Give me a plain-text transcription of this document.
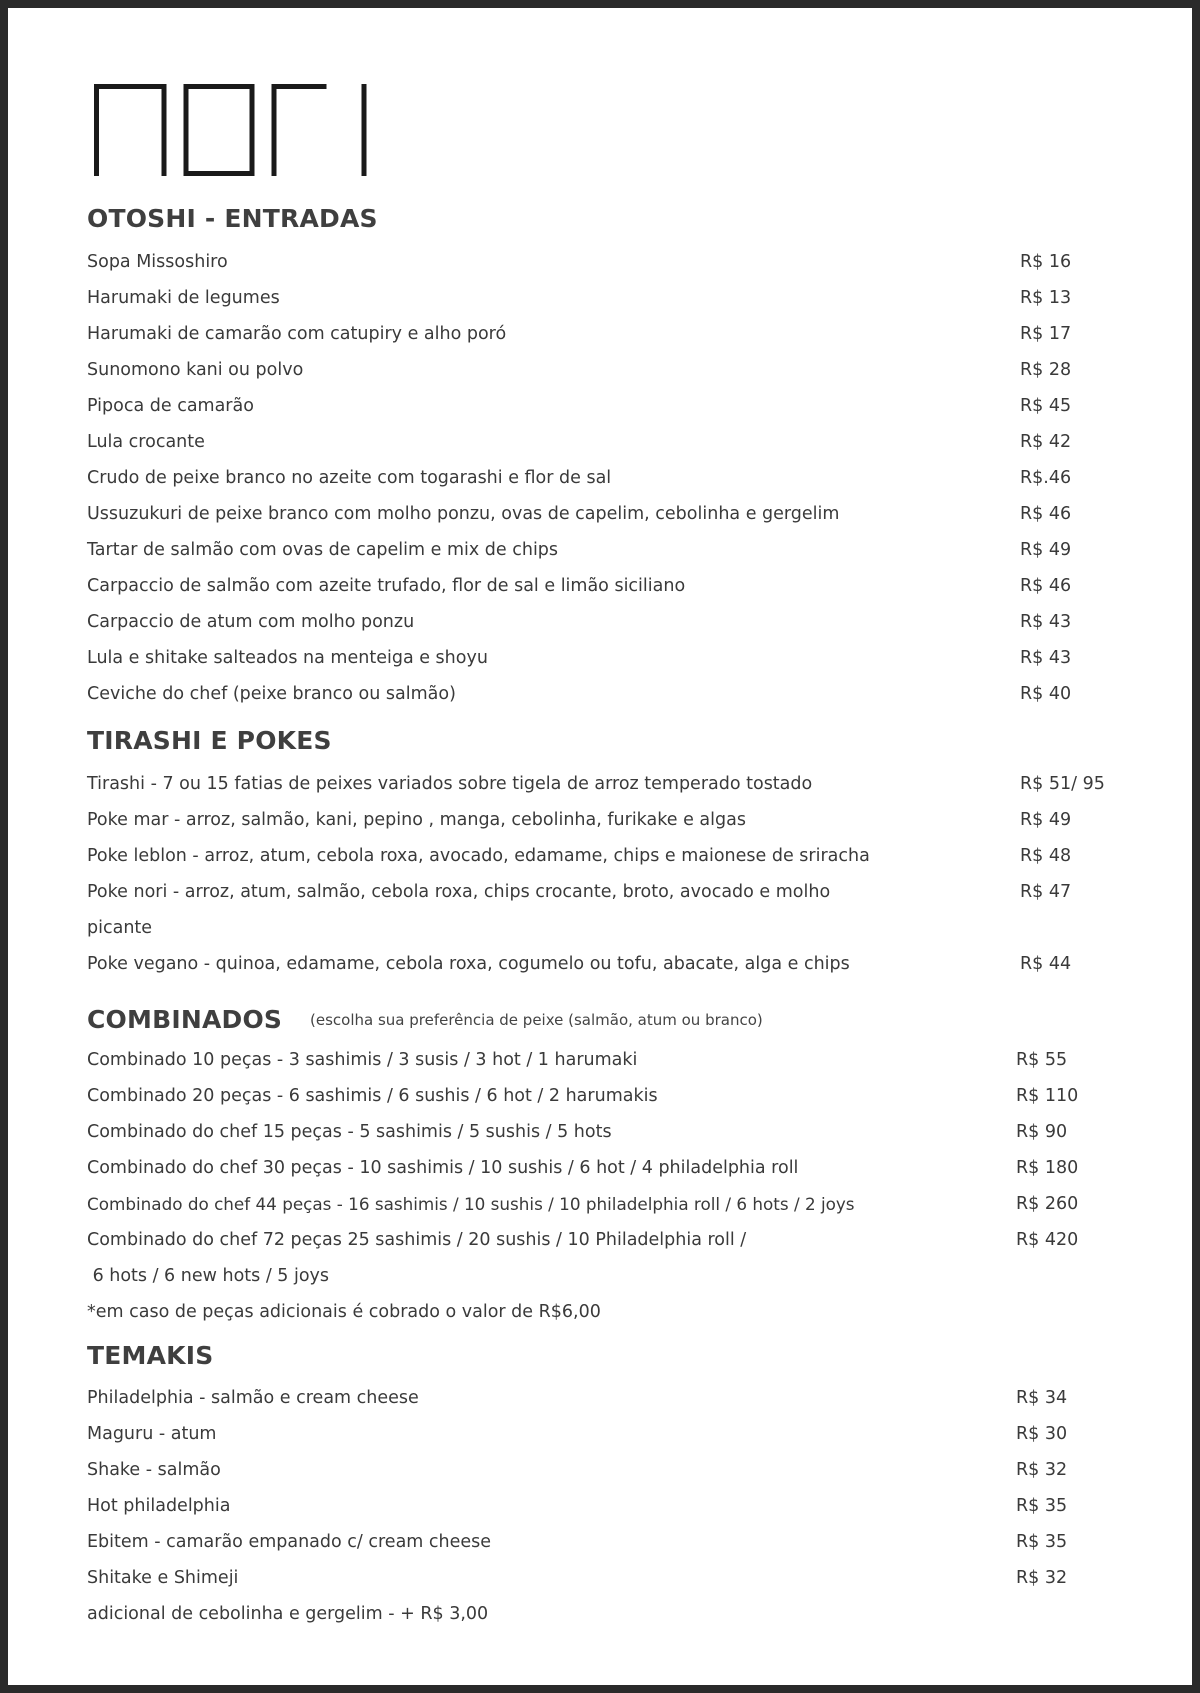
OTOSHI - ENTRADAS
Sopa Missoshiro	R$ 16
Harumaki de legumes	R$ 13
Harumaki de camarão com catupiry e alho poró	R$ 17
Sunomono kani ou polvo	R$ 28
Pipoca de camarão	R$ 45
Lula crocante	R$ 42
Crudo de peixe branco no azeite com togarashi e flor de sal	R$.46
Ussuzukuri de peixe branco com molho ponzu, ovas de capelim, cebolinha e gergelim	R$ 46
Tartar de salmão com ovas de capelim e mix de chips	R$ 49
Carpaccio de salmão com azeite trufado, flor de sal e limão siciliano	R$ 46
Carpaccio de atum com molho ponzu	R$ 43
Lula e shitake salteados na menteiga e shoyu	R$ 43
Ceviche do chef (peixe branco ou salmão)	R$ 40
TIRASHI E POKES
Tirashi - 7 ou 15 fatias de peixes variados sobre tigela de arroz temperado tostado	R$ 51/ 95
Poke mar - arroz, salmão, kani, pepino , manga, cebolinha, furikake e algas	R$ 49
Poke leblon - arroz, atum, cebola roxa, avocado, edamame, chips e maionese de sriracha	R$ 48
Poke nori - arroz, atum, salmão, cebola roxa, chips crocante, broto, avocado e molho	R$ 47
picante
Poke vegano - quinoa, edamame, cebola roxa, cogumelo ou tofu, abacate, alga e chips	R$ 44
COMBINADOS (escolha sua preferência de peixe (salmão, atum ou branco)
Combinado 10 peças - 3 sashimis / 3 susis / 3 hot / 1 harumaki	R$ 55
Combinado 20 peças - 6 sashimis / 6 sushis / 6 hot / 2 harumakis	R$ 110
Combinado do chef 15 peças - 5 sashimis / 5 sushis / 5 hots	R$ 90
Combinado do chef 30 peças - 10 sashimis / 10 sushis / 6 hot / 4 philadelphia roll	R$ 180
Combinado do chef 44 peças - 16 sashimis / 10 sushis / 10 philadelphia roll / 6 hots / 2 joys	R$ 260
Combinado do chef 72 peças 25 sashimis / 20 sushis / 10 Philadelphia roll /	R$ 420
6 hots / 6 new hots / 5 joys
*em caso de peças adicionais é cobrado o valor de R$6,00
TEMAKIS
Philadelphia - salmão e cream cheese	R$ 34
Maguru - atum	R$ 30
Shake - salmão	R$ 32
Hot philadelphia	R$ 35
Ebitem - camarão empanado c/ cream cheese	R$ 35
Shitake e Shimeji	R$ 32
adicional de cebolinha e gergelim - + R$ 3,00
